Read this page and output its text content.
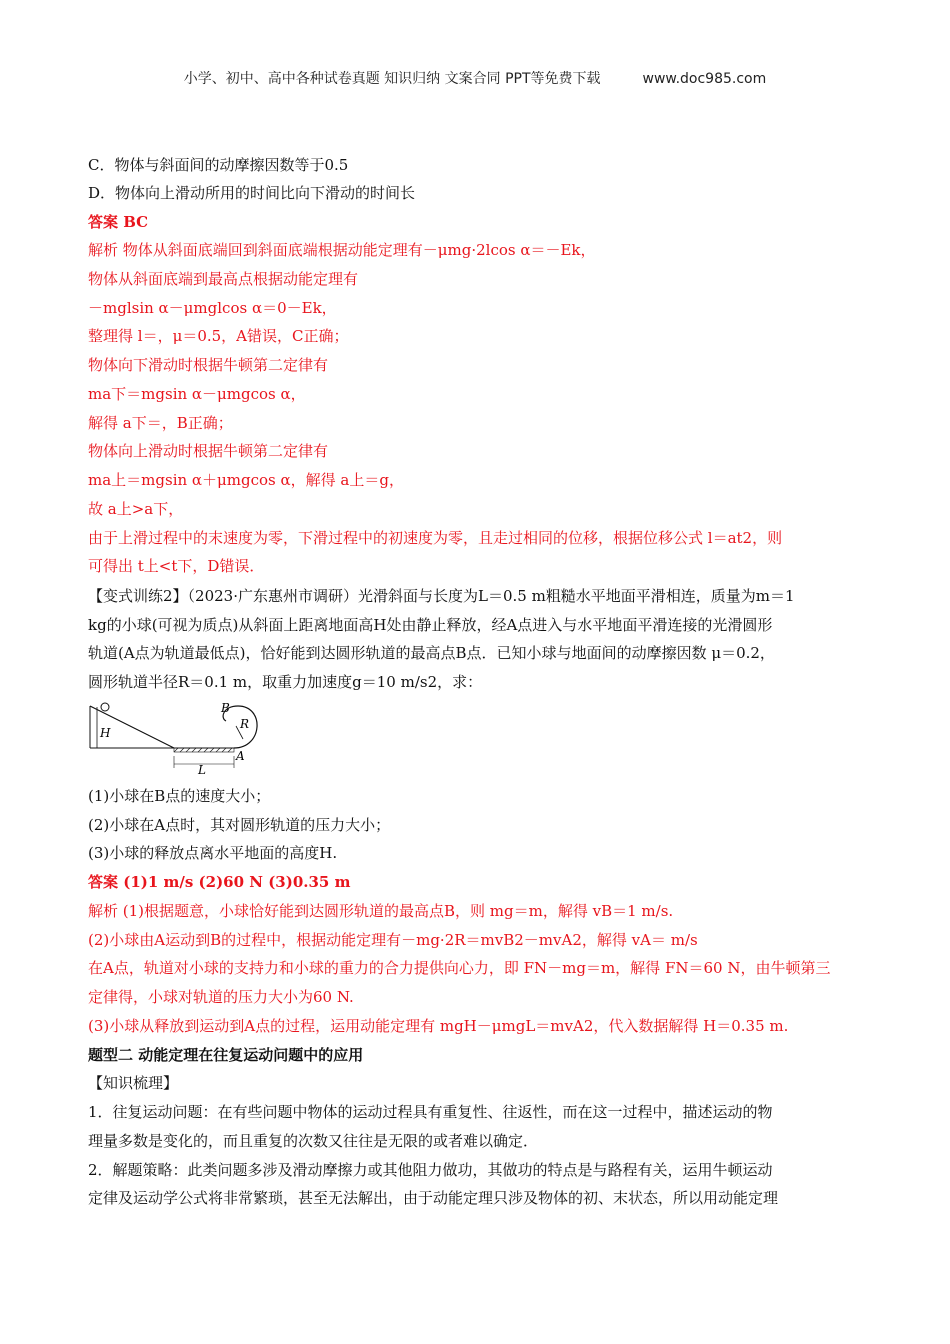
小学、初中、高中各种试卷真题 知识归纳 文案合同 PPT等免费下载	www.doc985.com
C．物体与斜面间的动摩擦因数等于0.5
D．物体向上滑动所用的时间比向下滑动的时间长
答案 BC
解析 物体从斜面底端回到斜面底端根据动能定理有－μmg·2lcos α＝－Ek，
物体从斜面底端到最高点根据动能定理有
－mglsin α－μmglcos α＝0－Ek，
整理得 l＝，μ＝0.5，A错误，C正确；
物体向下滑动时根据牛顿第二定律有
ma下＝mgsin α－μmgcos α，
解得 a下＝，B正确；
物体向上滑动时根据牛顿第二定律有
ma上＝mgsin α＋μmgcos α，解得 a上＝g，
故 a上>a下，
由于上滑过程中的末速度为零，下滑过程中的初速度为零，且走过相同的位移，根据位移公式 l＝at2，则
可得出 t上<t下，D错误．
【变式训练2】（2023·广东惠州市调研）光滑斜面与长度为L＝0.5 m粗糙水平地面平滑相连，质量为m＝1
kg的小球(可视为质点)从斜面上距离地面高H处由静止释放，经A点进入与水平地面平滑连接的光滑圆形
轨道(A点为轨道最低点)，恰好能到达圆形轨道的最高点B点．已知小球与地面间的动摩擦因数 μ＝0.2，
圆形轨道半径R＝0.1 m，取重力加速度g＝10 m/s2，求：
H
B
R
A
L
(1)小球在B点的速度大小；
(2)小球在A点时，其对圆形轨道的压力大小；
(3)小球的释放点离水平地面的高度H.
答案 (1)1 m/s (2)60 N (3)0.35 m
解析 (1)根据题意，小球恰好能到达圆形轨道的最高点B，则 mg＝m，解得 vB＝1 m/s.
(2)小球由A运动到B的过程中，根据动能定理有－mg·2R＝mvB2－mvA2，解得 vA＝ m/s
在A点，轨道对小球的支持力和小球的重力的合力提供向心力，即 FN－mg＝m，解得 FN＝60 N，由牛顿第三
定律得，小球对轨道的压力大小为60 N.
(3)小球从释放到运动到A点的过程，运用动能定理有 mgH－μmgL＝mvA2，代入数据解得 H＝0.35 m.
题型二 动能定理在往复运动问题中的应用
【知识梳理】
1．往复运动问题：在有些问题中物体的运动过程具有重复性、往返性，而在这一过程中，描述运动的物
理量多数是变化的，而且重复的次数又往往是无限的或者难以确定．
2．解题策略：此类问题多涉及滑动摩擦力或其他阻力做功，其做功的特点是与路程有关，运用牛顿运动
定律及运动学公式将非常繁琐，甚至无法解出，由于动能定理只涉及物体的初、末状态，所以用动能定理
